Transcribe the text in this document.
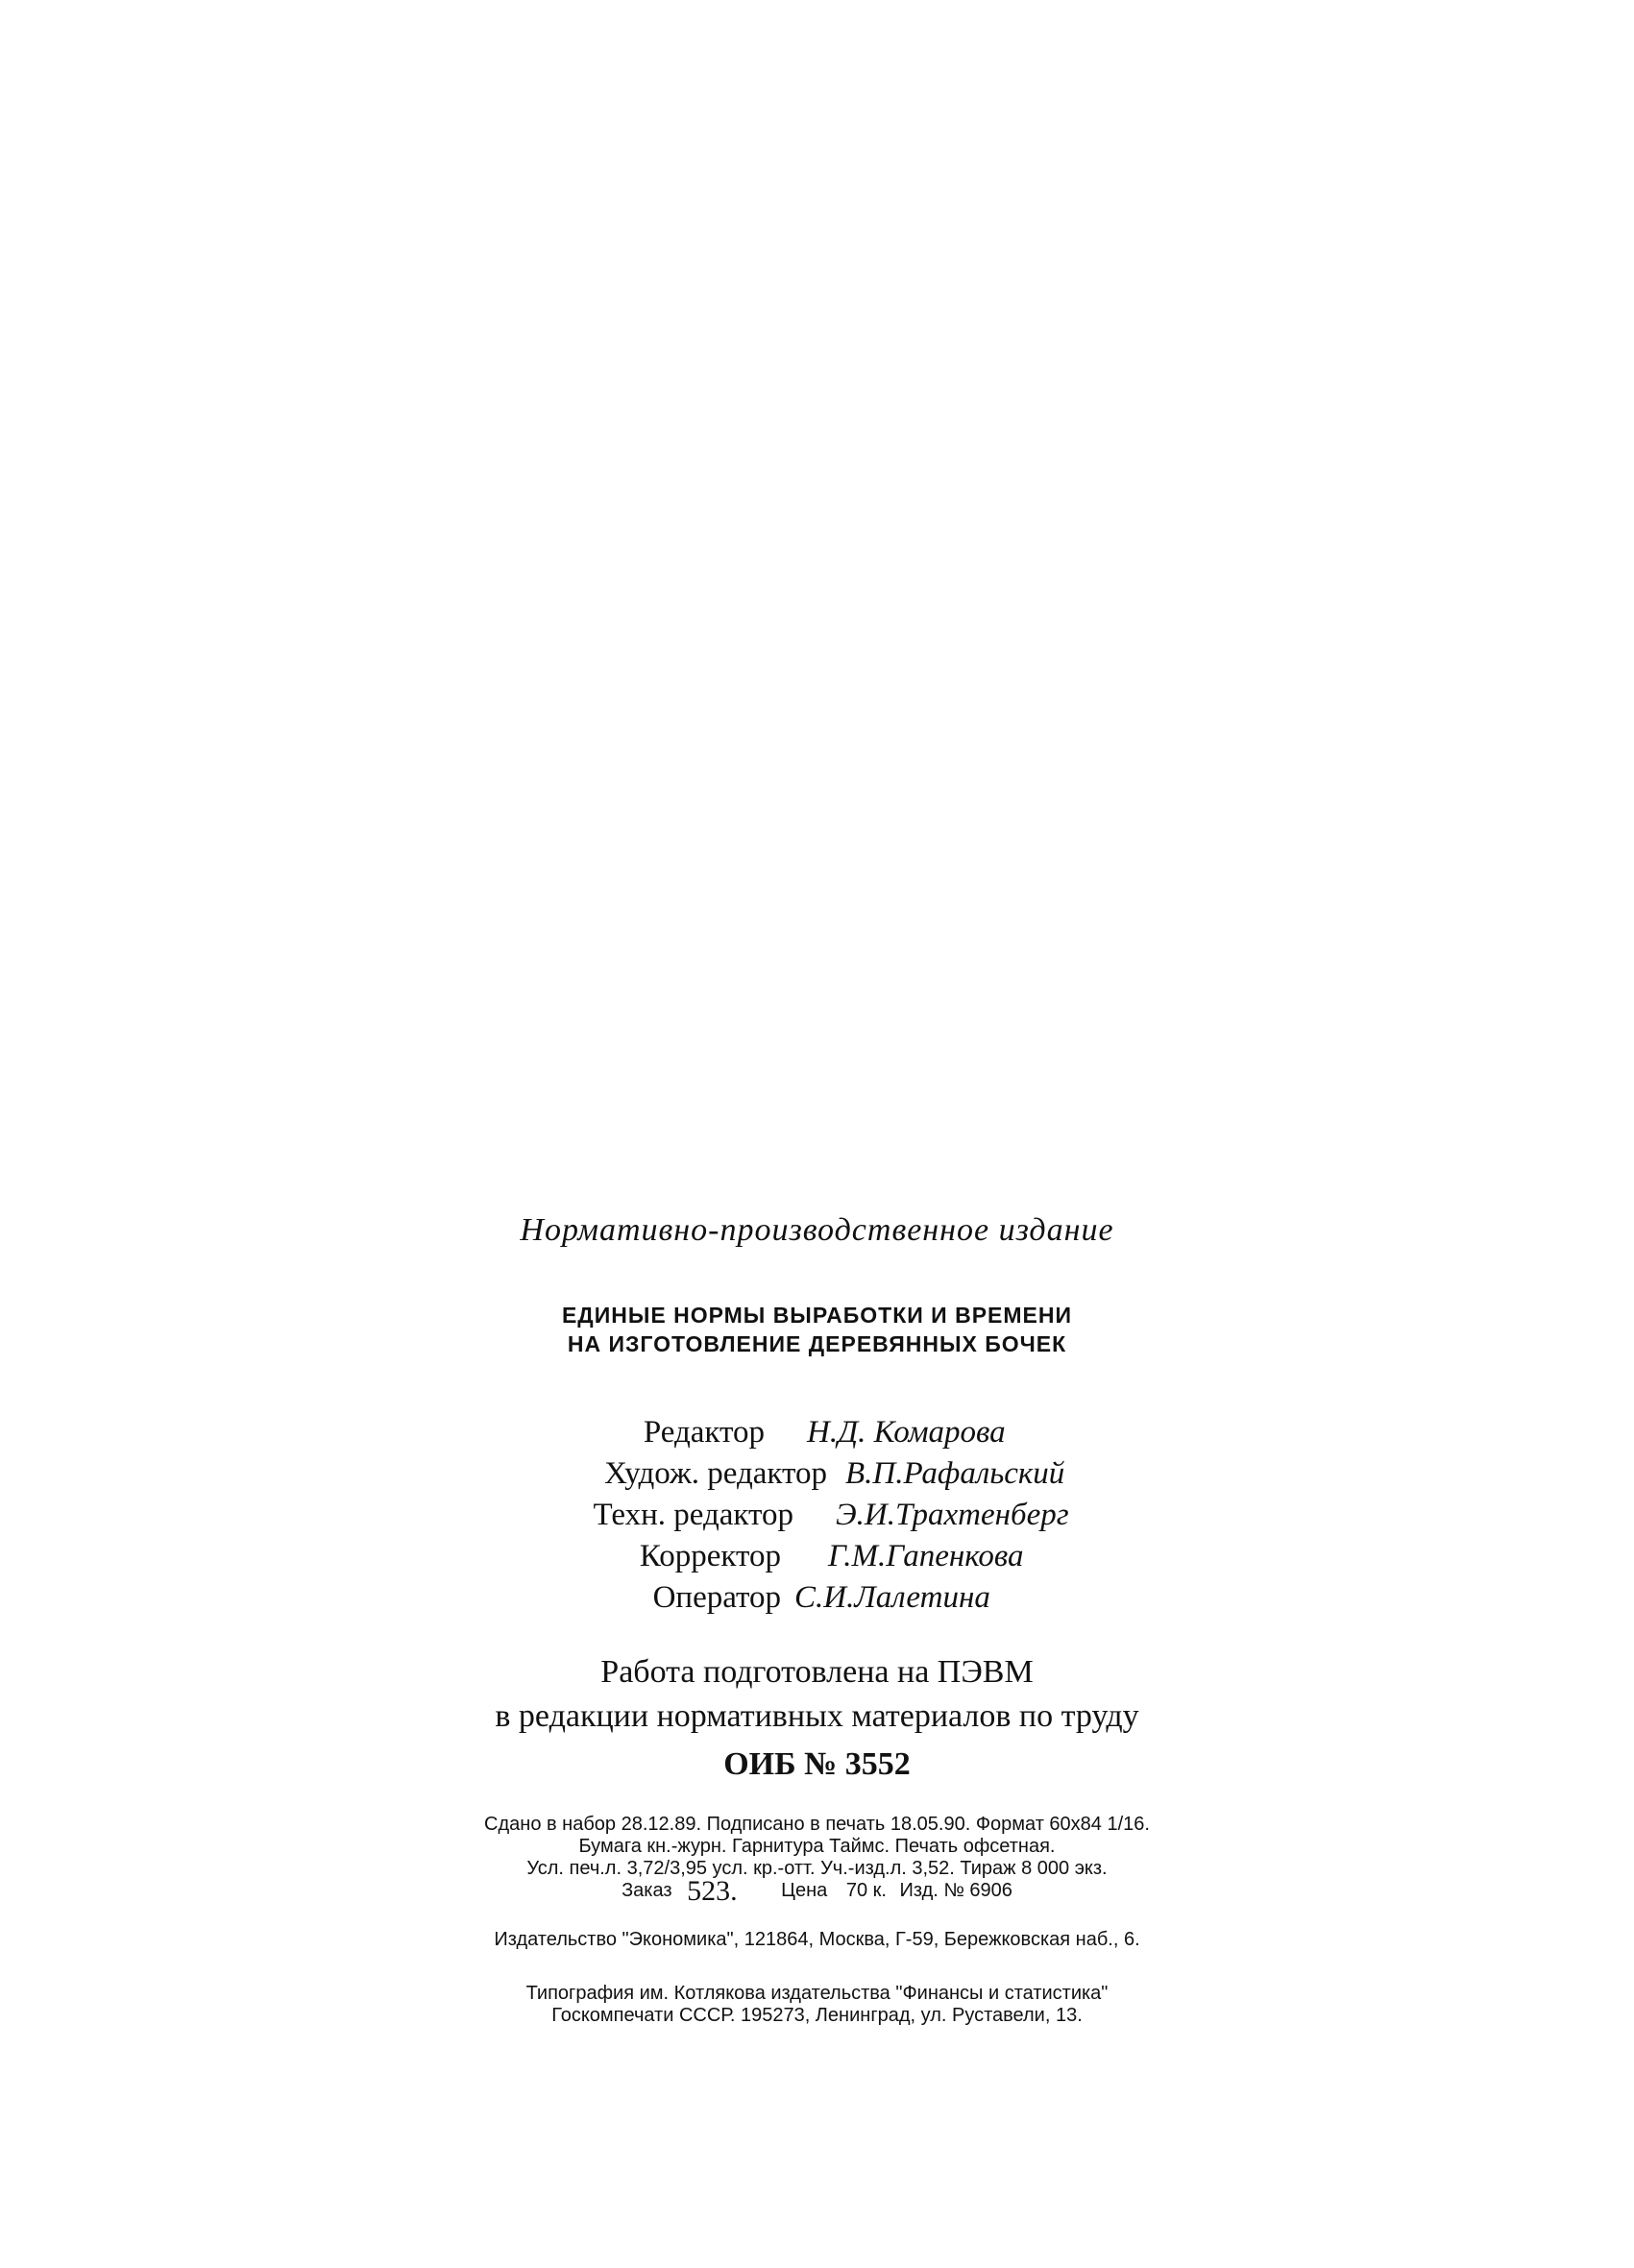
Нормативно-производственное издание
ЕДИНЫЕ НОРМЫ ВЫРАБОТКИ И ВРЕМЕНИ
НА ИЗГОТОВЛЕНИЕ ДЕРЕВЯННЫХ БОЧЕК
Редактор Н.Д. Комарова
Худож. редактор В.П.Рафальский
Техн. редактор Э.И.Трахтенберг
Корректор Г.М.Гапенкова
Оператор С.И.Лалетина
Работа подготовлена на ПЭВМ
в редакции нормативных материалов по труду
ОИБ № 3552
Сдано в набор 28.12.89. Подписано в печать 18.05.90. Формат 60х84 1/16.
Бумага кн.-журн. Гарнитура Таймс. Печать офсетная.
Усл. печ.л. 3,72/3,95 усл. кр.-отт. Уч.-изд.л. 3,52. Тираж 8 000 экз.
Заказ 523. Цена 70 к. Изд. № 6906
Издательство "Экономика", 121864, Москва, Г-59, Бережковская наб., 6.
Типография им. Котлякова издательства "Финансы и статистика"
Госкомпечати СССР. 195273, Ленинград, ул. Руставели, 13.
